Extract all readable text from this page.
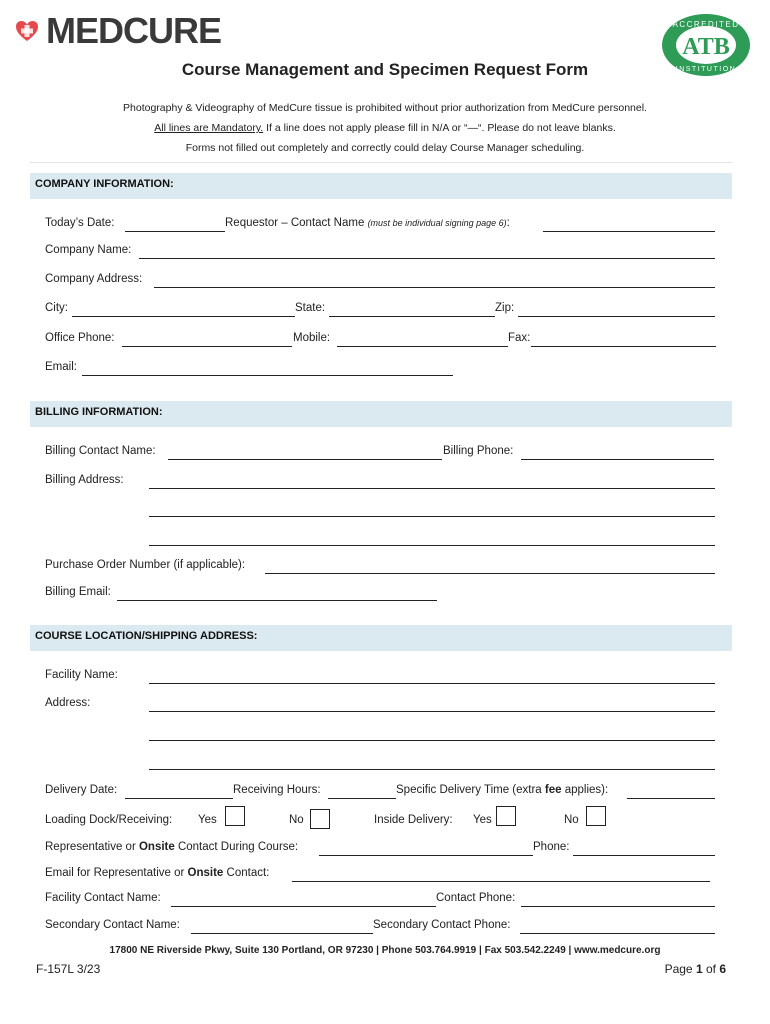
MEDCURE	ACCREDITED
INSTITUTION
ATB
Course Management and Specimen Request Form
Photography & Videography of MedCure tissue is prohibited without prior authorization from MedCure personnel.
All lines are Mandatory. If a line does not apply please fill in N/A or “—“. Please do not leave blanks.
Forms not filled out completely and correctly could delay Course Manager scheduling.
COMPANY INFORMATION:
Today’s Date:	Requestor – Contact Name (must be individual signing page 6):
Company Name:
Company Address:
City:	State:	Zip:
Office Phone:	Mobile:	Fax:
Email:
BILLING INFORMATION:
Billing Contact Name:	Billing Phone:
Billing Address:
Purchase Order Number (if applicable):
Billing Email:
COURSE LOCATION/SHIPPING ADDRESS:
Facility Name:
Address:
Delivery Date:	Receiving Hours:	Specific Delivery Time (extra fee applies):
Loading Dock/Receiving: Yes	No	Inside Delivery: Yes	No
Representative or Onsite Contact During Course:	Phone:
Email for Representative or Onsite Contact:
Facility Contact Name:	Contact Phone:
Secondary Contact Name:	Secondary Contact Phone:
17800 NE Riverside Pkwy, Suite 130 Portland, OR 97230 | Phone 503.764.9919 | Fax 503.542.2249 | www.medcure.org
F-157L 3/23	Page 1 of 6
